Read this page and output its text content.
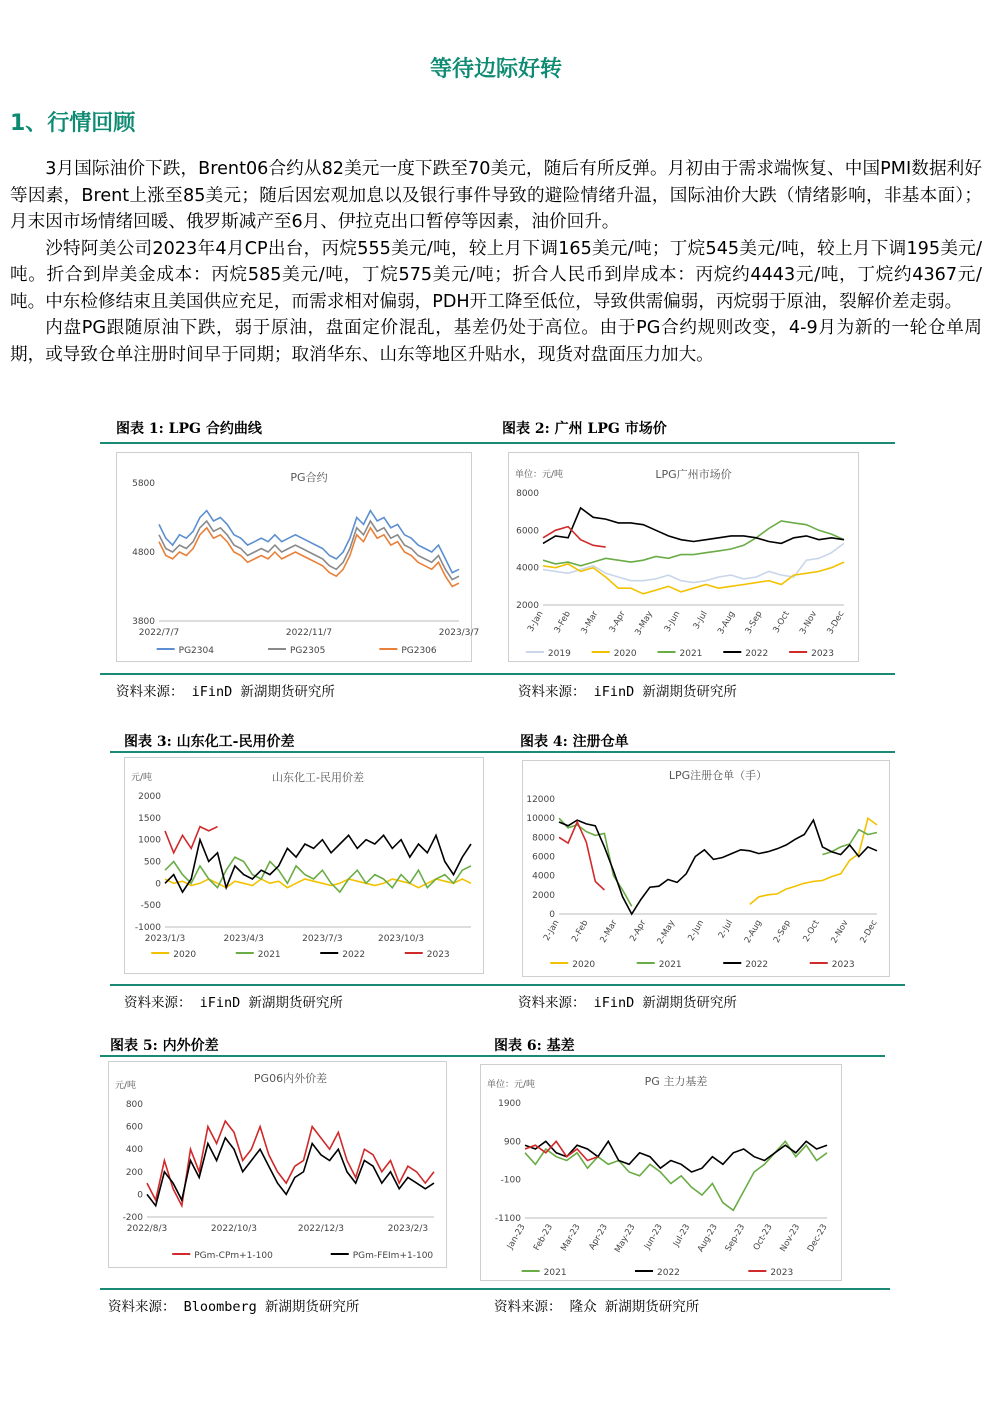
等待边际好转
1、行情回顾

3月国际油价下跌，Brent06合约从82美元一度下跌至70美元，随后有所反弹。月初由于需求端恢复、中国PMI数据利好等因素，Brent上涨至85美元；随后因宏观加息以及银行事件导致的避险情绪升温，国际油价大跌（情绪影响，非基本面）；月末因市场情绪回暖、俄罗斯减产至6月、伊拉克出口暂停等因素，油价回升。

沙特阿美公司2023年4月CP出台，丙烷555美元/吨，较上月下调165美元/吨；丁烷545美元/吨，较上月下调195美元/吨。折合到岸美金成本：丙烷585美元/吨，丁烷575美元/吨；折合人民币到岸成本：丙烷约4443元/吨，丁烷约4367元/吨。中东检修结束且美国供应充足，而需求相对偏弱，PDH开工降至低位，导致供需偏弱，丙烷弱于原油，裂解价差走弱。

内盘PG跟随原油下跌，弱于原油，盘面定价混乱，基差仍处于高位。由于PG合约规则改变，4-9月为新的一轮仓单周期，或导致仓单注册时间早于同期；取消华东、山东等地区升贴水，现货对盘面压力加大。

图表 1: LPG 合约曲线	图表 2: 广州 LPG 市场价
PG合约
3800
4800
5800
2022/7/7	2022/11/7	2023/3/7
PG2304	PG2305	PG2306
LPG广州市场价
单位：元/吨
2000
4000
6000
8000
3-Jan 3-Feb 3-Mar 3-Apr 3-May 3-Jun 3-Jul 3-Aug 3-Sep 3-Oct 3-Nov 3-Dec
2019	2020	2021	2022	2023
资料来源： iFinD 新湖期货研究所	资料来源： iFinD 新湖期货研究所
图表 3: 山东化工-民用价差	图表 4: 注册仓单
山东化工-民用价差
元/吨
-1000
-500
0
500
1000
1500
2000
2023/1/3	2023/4/3	2023/7/3	2023/10/3
2020	2021	2022	2023
LPG注册仓单（手）
0
2000
4000
6000
8000
10000
12000
2-Jan 2-Feb 2-Mar 2-Apr 2-May 2-Jun 2-Jul 2-Aug 2-Sep 2-Oct 2-Nov 2-Dec
2020	2021	2022	2023
资料来源： iFinD 新湖期货研究所	资料来源： iFinD 新湖期货研究所
图表 5: 内外价差	图表 6: 基差
PG06内外价差
元/吨
-200
0
200
400
600
800
2022/8/3	2022/10/3	2022/12/3	2023/2/3
PGm-CPm+1-100	PGm-FEIm+1-100
PG 主力基差
单位：元/吨
-1100
-100
900
1900
Jan-23 Feb-23 Mar-23 Apr-23 May-23 Jun-23 Jul-23 Aug-23 Sep-23 Oct-23 Nov-23 Dec-23
2021	2022	2023
资料来源： Bloomberg 新湖期货研究所	资料来源： 隆众 新湖期货研究所
